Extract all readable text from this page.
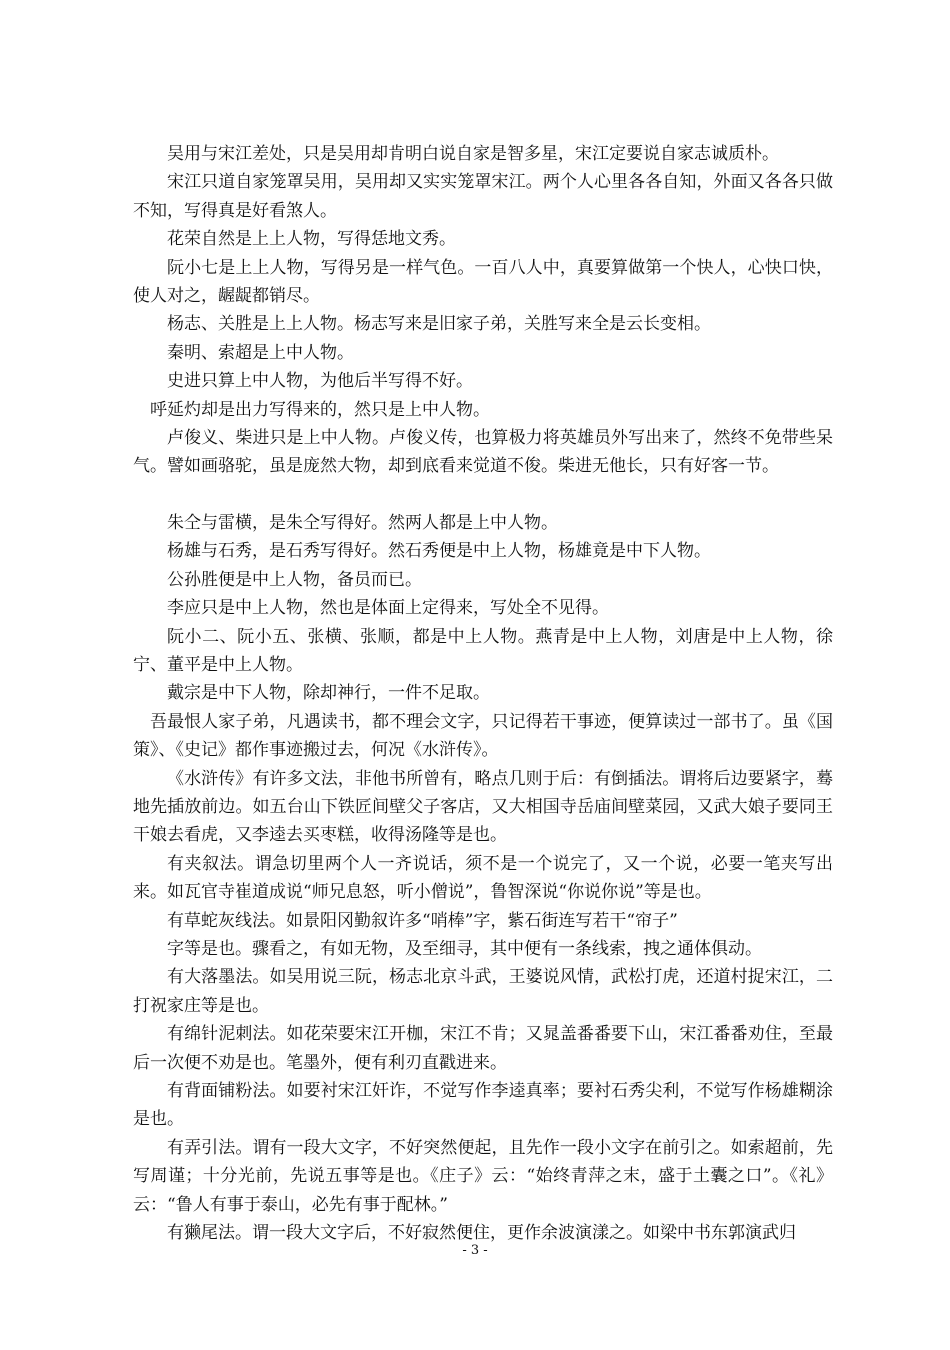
吴用与宋江差处，只是吴用却肯明白说自家是智多星，宋江定要说自家志诚质朴。

宋江只道自家笼罩吴用，吴用却又实实笼罩宋江。两个人心里各各自知，外面又各各只做不知，写得真是好看煞人。

花荣自然是上上人物，写得恁地文秀。

阮小七是上上人物，写得另是一样气色。一百八人中，真要算做第一个快人，心快口快，使人对之，龌龊都销尽。

杨志、关胜是上上人物。杨志写来是旧家子弟，关胜写来全是云长变相。

秦明、索超是上中人物。

史进只算上中人物，为他后半写得不好。

呼延灼却是出力写得来的，然只是上中人物。

卢俊义、柴进只是上中人物。卢俊义传，也算极力将英雄员外写出来了，然终不免带些呆气。譬如画骆驼，虽是庞然大物，却到底看来觉道不俊。柴进无他长，只有好客一节。

朱仝与雷横，是朱仝写得好。然两人都是上中人物。

杨雄与石秀，是石秀写得好。然石秀便是中上人物，杨雄竟是中下人物。

公孙胜便是中上人物，备员而已。

李应只是中上人物，然也是体面上定得来，写处全不见得。

阮小二、阮小五、张横、张顺，都是中上人物。燕青是中上人物，刘唐是中上人物，徐宁、董平是中上人物。

戴宗是中下人物，除却神行，一件不足取。

吾最恨人家子弟，凡遇读书，都不理会文字，只记得若干事迹，便算读过一部书了。虽《国策》、《史记》都作事迹搬过去，何况《水浒传》。

《水浒传》有许多文法，非他书所曾有，略点几则于后：有倒插法。谓将后边要紧字，蓦地先插放前边。如五台山下铁匠间壁父子客店，又大相国寺岳庙间壁菜园，又武大娘子要同王干娘去看虎，又李逵去买枣糕，收得汤隆等是也。

有夹叙法。谓急切里两个人一齐说话，须不是一个说完了，又一个说，必要一笔夹写出来。如瓦官寺崔道成说“师兄息怒，听小僧说”，鲁智深说“你说你说”等是也。

有草蛇灰线法。如景阳冈勤叙许多“哨棒”字，紫石街连写若干“帘子”

字等是也。骤看之，有如无物，及至细寻，其中便有一条线索，拽之通体俱动。

有大落墨法。如吴用说三阮，杨志北京斗武，王婆说风情，武松打虎，还道村捉宋江，二打祝家庄等是也。

有绵针泥刺法。如花荣要宋江开枷，宋江不肯；又晁盖番番要下山，宋江番番劝住，至最后一次便不劝是也。笔墨外，便有利刃直戳进来。

有背面铺粉法。如要衬宋江奸诈，不觉写作李逵真率；要衬石秀尖利，不觉写作杨雄糊涂是也。

有弄引法。谓有一段大文字，不好突然便起，且先作一段小文字在前引之。如索超前，先写周谨；十分光前，先说五事等是也。《庄子》云：“始终青萍之末，盛于土囊之口”。《礼》云：“鲁人有事于泰山，必先有事于配林。”

有獭尾法。谓一段大文字后，不好寂然便住，更作余波演漾之。如梁中书东郭演武归

- 3 -
